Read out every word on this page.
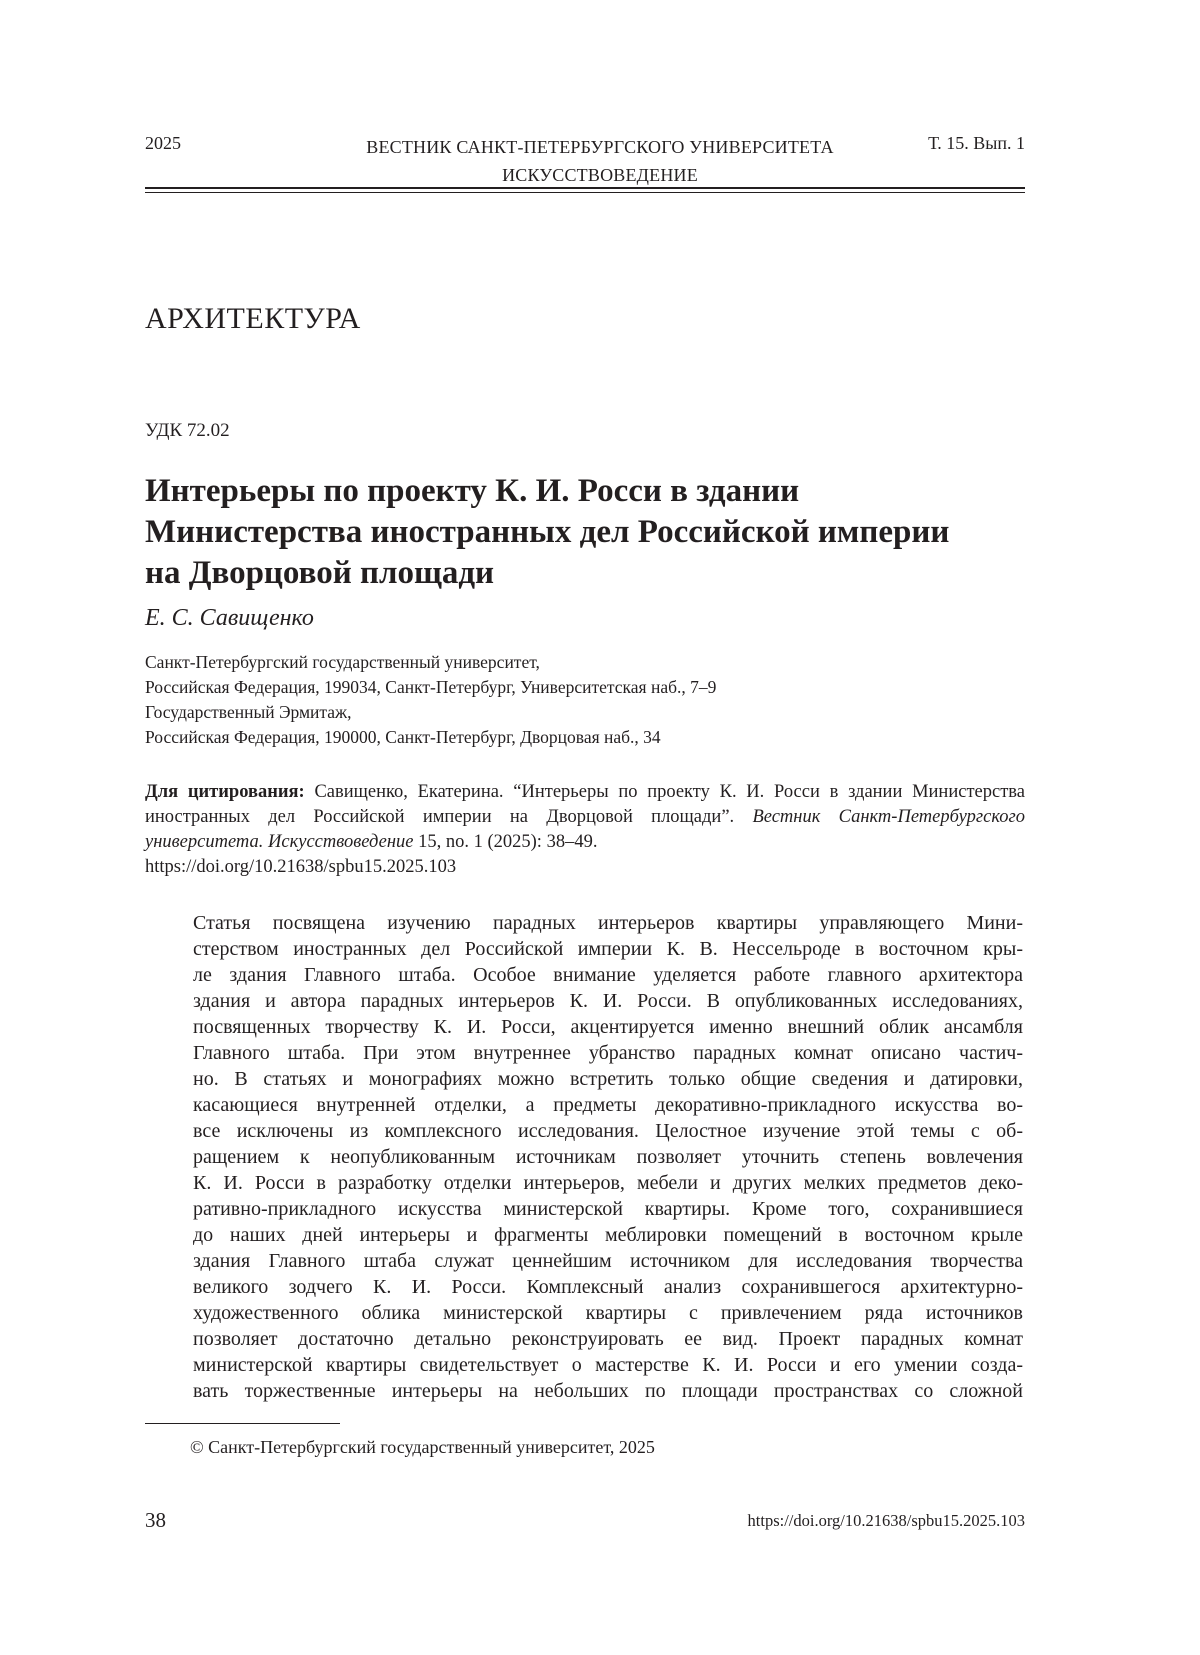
2025	ВЕСТНИК САНКТ-ПЕТЕРБУРГСКОГО УНИВЕРСИТЕТА
ИСКУССТВОВЕДЕНИЕ
Т. 15. Вып. 1
АРХИТЕКТУРА
УДК 72.02
Интерьеры по проекту К. И. Росси в здании
Министерства иностранных дел Российской империи
на Дворцовой площади
Е. С. Савищенко
Санкт-Петербургский государственный университет,
Российская Федерация, 199034, Санкт-Петербург, Университетская наб., 7–9
Государственный Эрмитаж,
Российская Федерация, 190000, Санкт-Петербург, Дворцовая наб., 34
Для цитирования: Савищенко, Екатерина. “Интерьеры по проекту К. И. Росси в здании Министерства иностранных дел Российской империи на Дворцовой площади”. Вестник Санкт-Петербургского университета. Искусствоведение 15, no. 1 (2025): 38–49.
https://doi.org/10.21638/spbu15.2025.103
Статья посвящена изучению парадных интерьеров квартиры управляющего Мини-
стерством иностранных дел Российской империи К. В. Нессельроде в восточном кры-
ле здания Главного штаба. Особое внимание уделяется работе главного архитектора
здания и автора парадных интерьеров К. И. Росси. В опубликованных исследованиях,
посвященных творчеству К. И. Росси, акцентируется именно внешний облик ансамбля
Главного штаба. При этом внутреннее убранство парадных комнат описано частич-
но. В статьях и монографиях можно встретить только общие сведения и датировки,
касающиеся внутренней отделки, а предметы декоративно-прикладного искусства во-
все исключены из комплексного исследования. Целостное изучение этой темы с об-
ращением к неопубликованным источникам позволяет уточнить степень вовлечения
К. И. Росси в разработку отделки интерьеров, мебели и других мелких предметов деко-
ративно-прикладного искусства министерской квартиры. Кроме того, сохранившиеся
до наших дней интерьеры и фрагменты меблировки помещений в восточном крыле
здания Главного штаба служат ценнейшим источником для исследования творчества
великого зодчего К. И. Росси. Комплексный анализ сохранившегося архитектурно-
художественного облика министерской квартиры с привлечением ряда источников
позволяет достаточно детально реконструировать ее вид. Проект парадных комнат
министерской квартиры свидетельствует о мастерстве К. И. Росси и его умении созда-
вать торжественные интерьеры на небольших по площади пространствах со сложной
© Санкт-Петербургский государственный университет, 2025
38	https://doi.org/10.21638/spbu15.2025.103
